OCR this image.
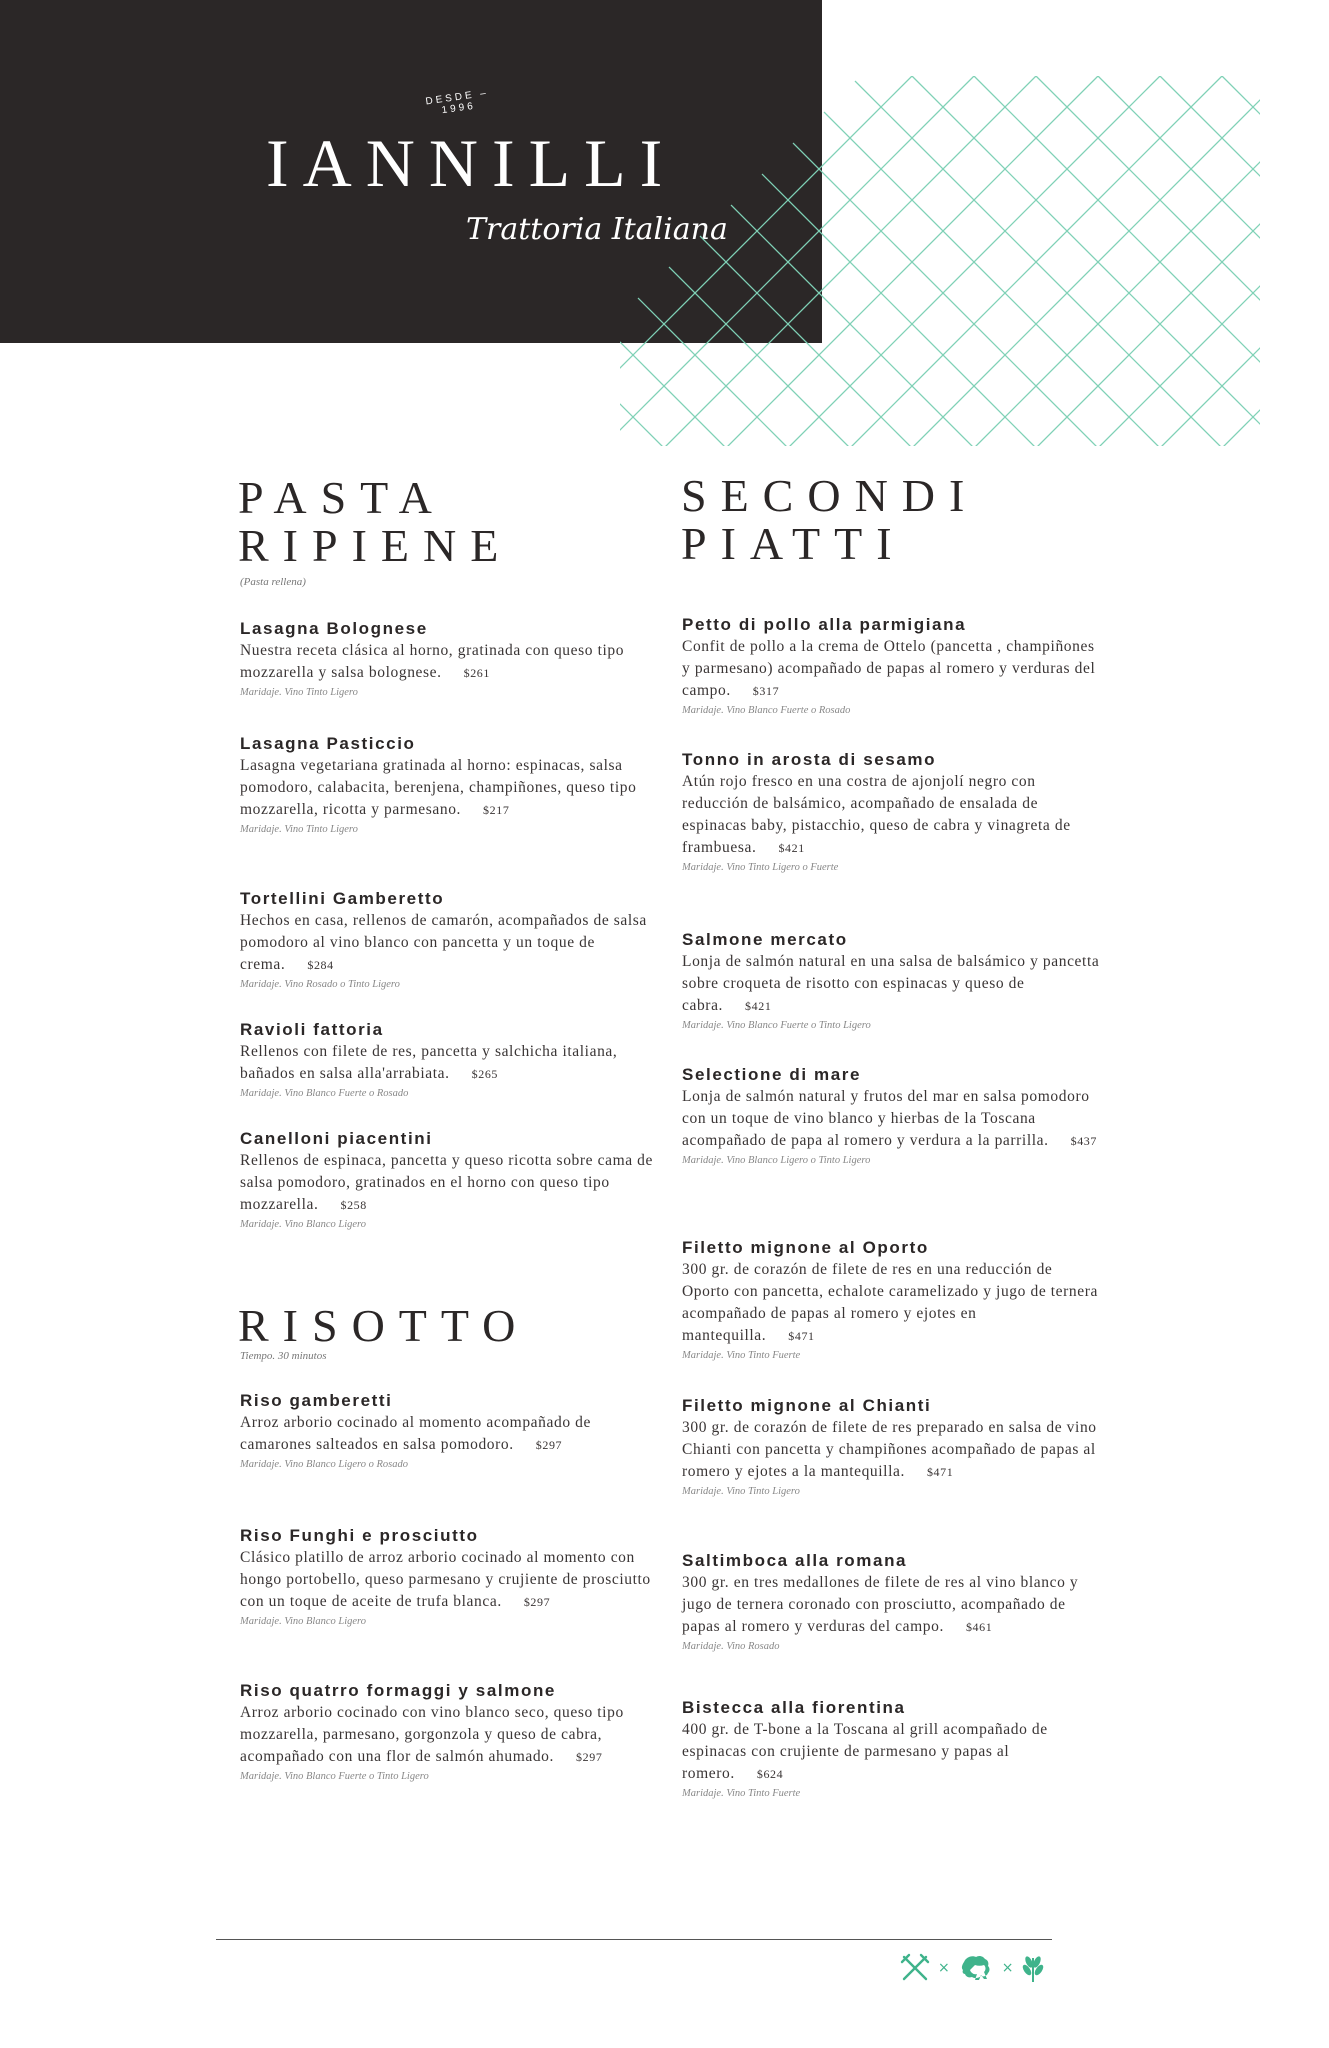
DESDE – 1996
IANNILLI
Trattoria Italiana
PASTA
RIPIENE
(Pasta rellena)
Lasagna Bolognese
Nuestra receta clásica al horno, gratinada con queso tipo mozzarella y salsa bolognese. $261
Maridaje. Vino Tinto Ligero
Lasagna Pasticcio
Lasagna vegetariana gratinada al horno: espinacas, salsa pomodoro, calabacita, berenjena, champiñones, queso tipo mozzarella, ricotta y parmesano. $217
Maridaje. Vino Tinto Ligero
Tortellini Gamberetto
Hechos en casa, rellenos de camarón, acompañados de salsa pomodoro al vino blanco con pancetta y un toque de crema. $284
Maridaje. Vino Rosado o Tinto Ligero
Ravioli fattoria
Rellenos con filete de res, pancetta y salchicha italiana, bañados en salsa alla'arrabiata. $265
Maridaje. Vino Blanco Fuerte o Rosado
Canelloni piacentini
Rellenos de espinaca, pancetta y queso ricotta sobre cama de salsa pomodoro, gratinados en el horno con queso tipo mozzarella. $258
Maridaje. Vino Blanco Ligero
RISOTTO
Tiempo. 30 minutos
Riso gamberetti
Arroz arborio cocinado al momento acompañado de camarones salteados en salsa pomodoro. $297
Maridaje. Vino Blanco Ligero o Rosado
Riso Funghi e prosciutto
Clásico platillo de arroz arborio cocinado al momento con hongo portobello, queso parmesano y crujiente de prosciutto con un toque de aceite de trufa blanca. $297
Maridaje. Vino Blanco Ligero
Riso quatrro formaggi y salmone
Arroz arborio cocinado con vino blanco seco, queso tipo mozzarella, parmesano, gorgonzola y queso de cabra, acompañado con una flor de salmón ahumado. $297
Maridaje. Vino Blanco Fuerte o Tinto Ligero
SECONDI
PIATTI
Petto di pollo alla parmigiana
Confit de pollo a la crema de Ottelo (pancetta , champiñones y parmesano) acompañado de papas al romero y verduras del campo. $317
Maridaje. Vino Blanco Fuerte o Rosado
Tonno in arosta di sesamo
Atún rojo fresco en una costra de ajonjolí negro con reducción de balsámico, acompañado de ensalada de espinacas baby, pistacchio, queso de cabra y vinagreta de frambuesa. $421
Maridaje. Vino Tinto Ligero o Fuerte
Salmone mercato
Lonja de salmón natural en una salsa de balsámico y pancetta sobre croqueta de risotto con espinacas y queso de cabra. $421
Maridaje. Vino Blanco Fuerte o Tinto Ligero
Selectione di mare
Lonja de salmón natural y frutos del mar en salsa pomodoro con un toque de vino blanco y hierbas de la Toscana acompañado de papa al romero y verdura a la parrilla. $437
Maridaje. Vino Blanco Ligero o Tinto Ligero
Filetto mignone al Oporto
300 gr. de corazón de filete de res en una reducción de Oporto con pancetta, echalote caramelizado y jugo de ternera acompañado de papas al romero y ejotes en mantequilla. $471
Maridaje. Vino Tinto Fuerte
Filetto mignone al Chianti
300 gr. de corazón de filete de res preparado en salsa de vino Chianti con pancetta y champiñones acompañado de papas al romero y ejotes a la mantequilla. $471
Maridaje. Vino Tinto Ligero
Saltimboca alla romana
300 gr. en tres medallones de filete de res al vino blanco y jugo de ternera coronado con prosciutto, acompañado de papas al romero y verduras del campo. $461
Maridaje. Vino Rosado
Bistecca alla fiorentina
400 gr. de T-bone a la Toscana al grill acompañado de espinacas con crujiente de parmesano y papas al romero. $624
Maridaje. Vino Tinto Fuerte
×	×
